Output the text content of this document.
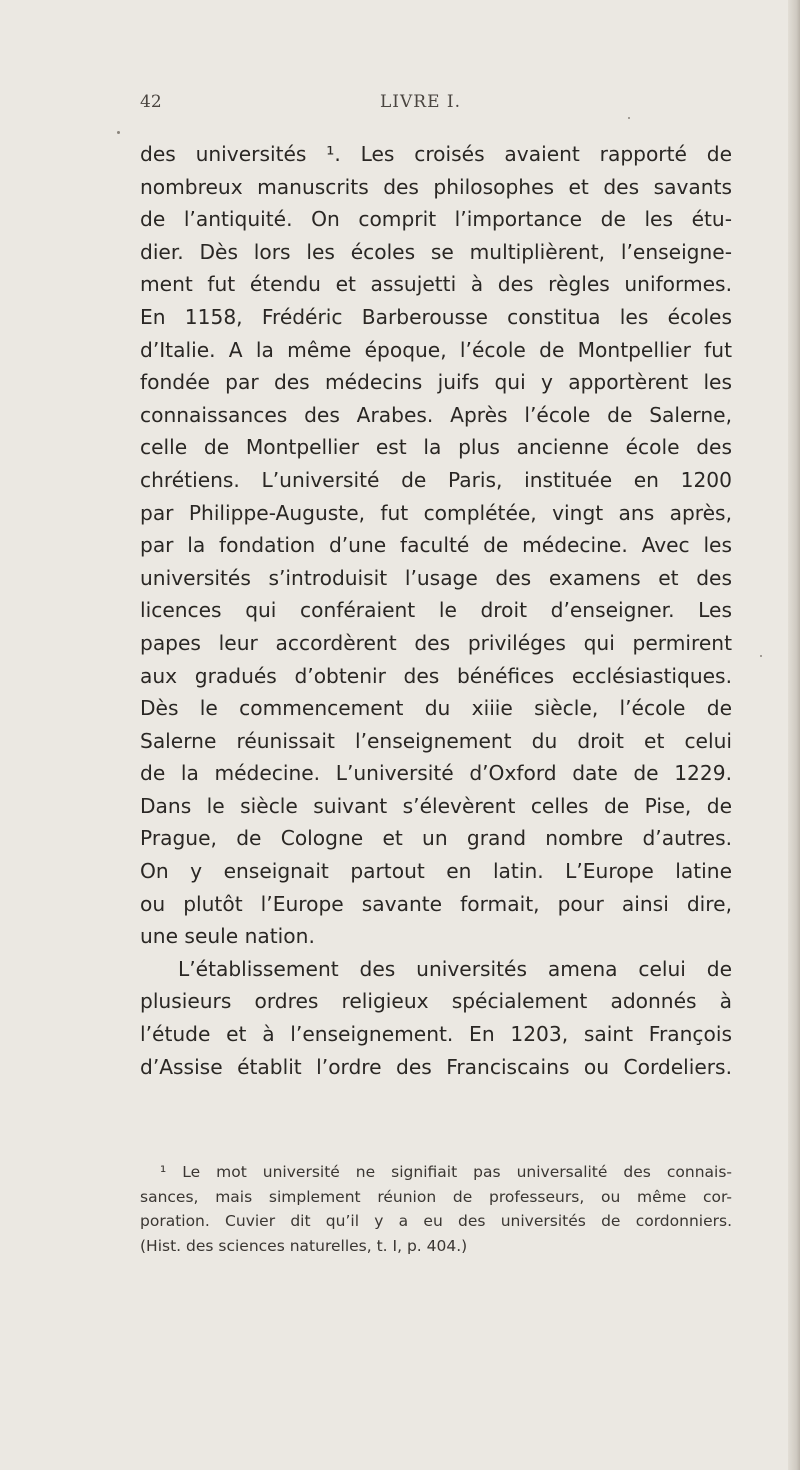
42	LIVRE I.
des universités ¹. Les croisés avaient rapporté de
nombreux manuscrits des philosophes et des savants
de l’antiquité. On comprit l’importance de les étu-
dier. Dès lors les écoles se multiplièrent, l’enseigne-
ment fut étendu et assujetti à des règles uniformes.
En 1158, Frédéric Barberousse constitua les écoles
d’Italie. A la même époque, l’école de Montpellier fut
fondée par des médecins juifs qui y apportèrent les
connaissances des Arabes. Après l’école de Salerne,
celle de Montpellier est la plus ancienne école des
chrétiens. L’université de Paris, instituée en 1200
par Philippe-Auguste, fut complétée, vingt ans après,
par la fondation d’une faculté de médecine. Avec les
universités s’introduisit l’usage des examens et des
licences qui conféraient le droit d’enseigner. Les
papes leur accordèrent des priviléges qui permirent
aux gradués d’obtenir des bénéfices ecclésiastiques.
Dès le commencement du xiiie siècle, l’école de
Salerne réunissait l’enseignement du droit et celui
de la médecine. L’université d’Oxford date de 1229.
Dans le siècle suivant s’élevèrent celles de Pise, de
Prague, de Cologne et un grand nombre d’autres.
On y enseignait partout en latin. L’Europe latine
ou plutôt l’Europe savante formait, pour ainsi dire,
une seule nation.
L’établissement des universités amena celui de
plusieurs ordres religieux spécialement adonnés à
l’étude et à l’enseignement. En 1203, saint François
d’Assise établit l’ordre des Franciscains ou Cordeliers.
¹ Le mot université ne signifiait pas universalité des connais-
sances, mais simplement réunion de professeurs, ou même cor-
poration. Cuvier dit qu’il y a eu des universités de cordonniers.
(Hist. des sciences naturelles, t. I, p. 404.)
